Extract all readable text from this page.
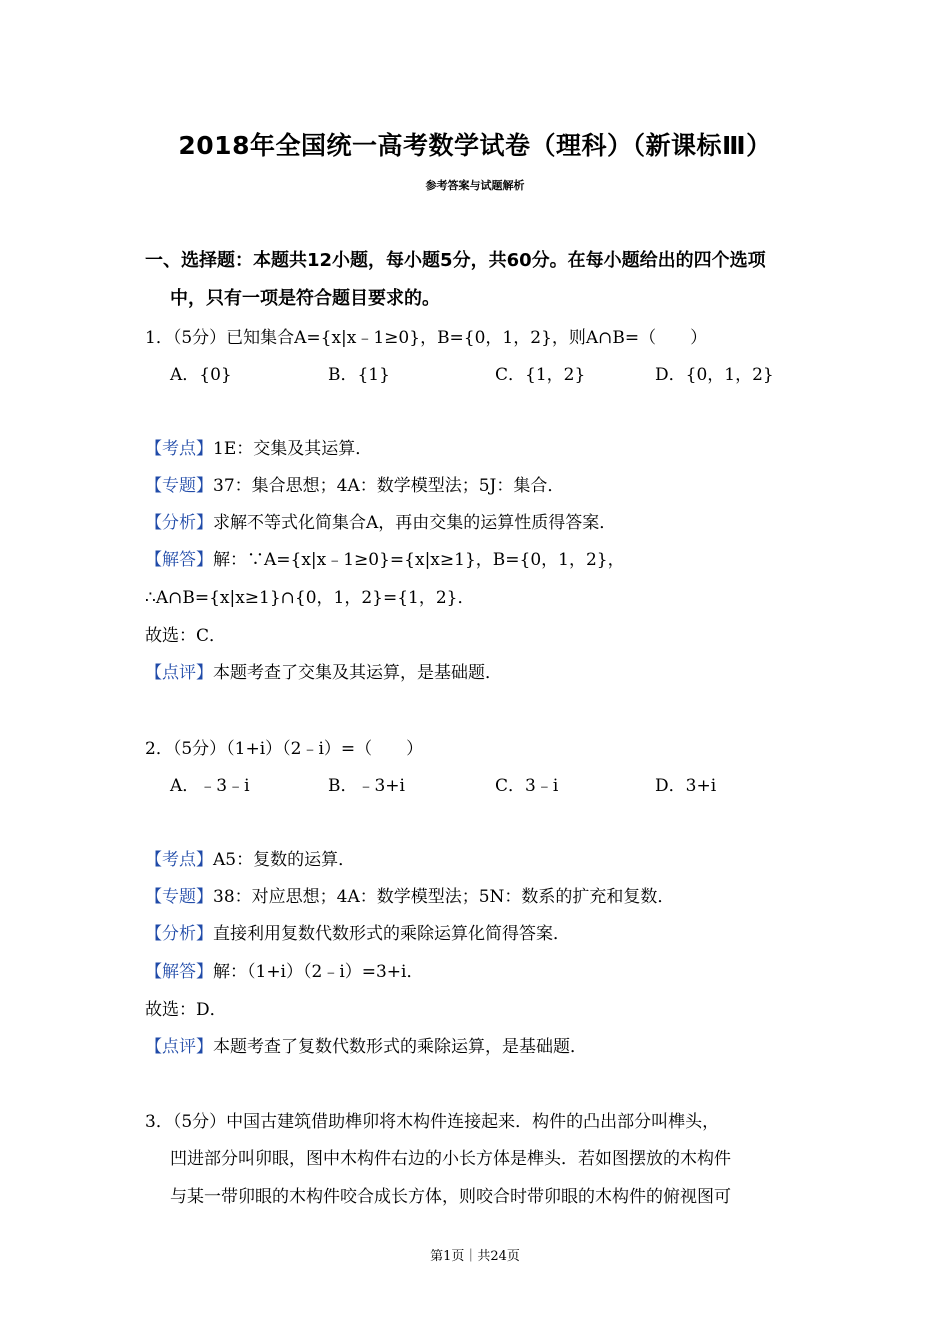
2018年全国统一高考数学试卷（理科）（新课标Ⅲ）
参考答案与试题解析
一、选择题：本题共12小题，每小题5分，共60分。在每小题给出的四个选项
中，只有一项是符合题目要求的。
1．（5分）已知集合A={x|x﹣1≥0}，B={0，1，2}，则A∩B=（　　）
A．{0}	B．{1}	C．{1，2}	D．{0，1，2}
【考点】1E：交集及其运算．
【专题】37：集合思想；4A：数学模型法；5J：集合．
【分析】求解不等式化简集合A，再由交集的运算性质得答案．
【解答】解：∵A={x|x﹣1≥0}={x|x≥1}，B={0，1，2}，
∴A∩B={x|x≥1}∩{0，1，2}={1，2}．
故选：C．
【点评】本题考查了交集及其运算，是基础题．
2．（5分）（1+i）（2﹣i）=（　　）
A．﹣3﹣i	B．﹣3+i	C．3﹣i	D．3+i
【考点】A5：复数的运算．
【专题】38：对应思想；4A：数学模型法；5N：数系的扩充和复数．
【分析】直接利用复数代数形式的乘除运算化简得答案．
【解答】解：（1+i）（2﹣i）=3+i．
故选：D．
【点评】本题考查了复数代数形式的乘除运算，是基础题．
3．（5分）中国古建筑借助榫卯将木构件连接起来．构件的凸出部分叫榫头，
凹进部分叫卯眼，图中木构件右边的小长方体是榫头．若如图摆放的木构件
与某一带卯眼的木构件咬合成长方体，则咬合时带卯眼的木构件的俯视图可
第1页｜共24页
